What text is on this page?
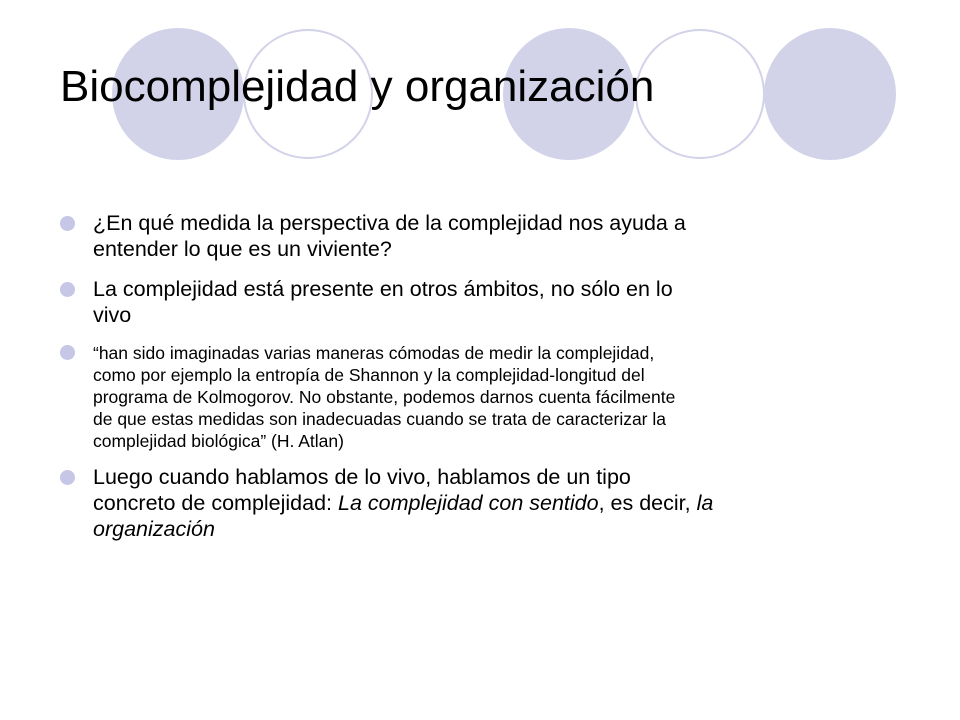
Biocomplejidad y organización
¿En qué medida la perspectiva de la complejidad nos ayuda a
entender lo que es un viviente?
La complejidad está presente en otros ámbitos, no sólo en lo
vivo
“han sido imaginadas varias maneras cómodas de medir la complejidad,
como por ejemplo la entropía de Shannon y la complejidad-longitud del
programa de Kolmogorov. No obstante, podemos darnos cuenta fácilmente
de que estas medidas son inadecuadas cuando se trata de caracterizar la
complejidad biológica” (H. Atlan)
Luego cuando hablamos de lo vivo, hablamos de un tipo
concreto de complejidad: La complejidad con sentido, es decir, la
organización
